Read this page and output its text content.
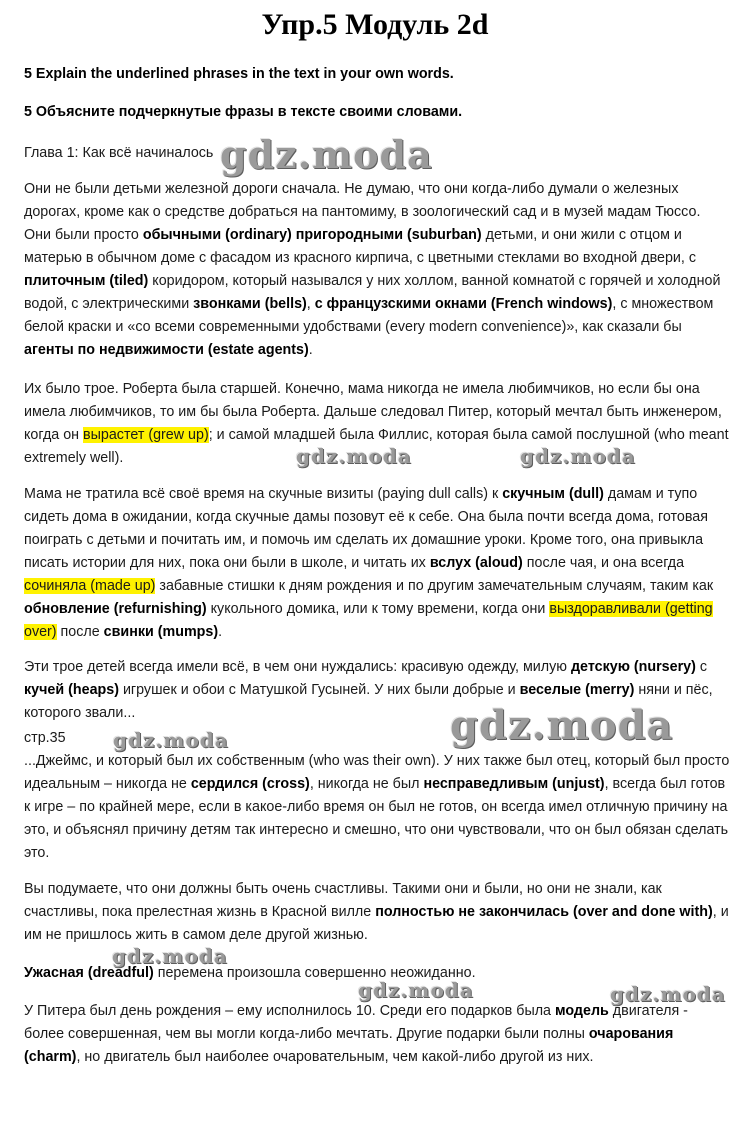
Упр.5 Модуль 2d
5 Explain the underlined phrases in the text in your own words.
5 Объясните подчеркнутые фразы в тексте своими словами.
Глава 1: Как всё начиналось

Они не были детьми железной дороги сначала. Не думаю, что они когда-либо думали о железных дорогах, кроме как о средстве добраться на пантомиму, в зоологический сад и в музей мадам Тюссо. Они были просто обычными (ordinary) пригородными (suburban) детьми, и они жили с отцом и матерью в обычном доме с фасадом из красного кирпича, с цветными стеклами во входной двери, с плиточным (tiled) коридором, который назывался у них холлом, ванной комнатой с горячей и холодной водой, с электрическими звонками (bells), с французскими окнами (French windows), с множеством белой краски и «со всеми современными удобствами (every modern convenience)», как сказали бы агенты по недвижимости (estate agents).

Их было трое. Роберта была старшей. Конечно, мама никогда не имела любимчиков, но если бы она имела любимчиков, то им бы была Роберта. Дальше следовал Питер, который мечтал быть инженером, когда он вырастет (grew up); и самой младшей была Филлис, которая была самой послушной (who meant extremely well).

Мама не тратила всё своё время на скучные визиты (paying dull calls) к скучным (dull) дамам и тупо сидеть дома в ожидании, когда скучные дамы позовут её к себе. Она была почти всегда дома, готовая поиграть с детьми и почитать им, и помочь им сделать их домашние уроки. Кроме того, она привыкла писать истории для них, пока они были в школе, и читать их вслух (aloud) после чая, и она всегда сочиняла (made up) забавные стишки к дням рождения и по другим замечательным случаям, таким как обновление (refurnishing) кукольного домика, или к тому времени, когда они выздоравливали (getting over) после свинки (mumps).

Эти трое детей всегда имели всё, в чем они нуждались: красивую одежду, милую детскую (nursery) с кучей (heaps) игрушек и обои с Матушкой Гусыней. У них были добрые и веселые (merry) няни и пёс, которого звали...

стр.35

...Джеймс, и который был их собственным (who was their own). У них также был отец, который был просто идеальным – никогда не сердился (cross), никогда не был несправедливым (unjust), всегда был готов к игре – по крайней мере, если в какое-либо время он был не готов, он всегда имел отличную причину на это, и объяснял причину детям так интересно и смешно, что они чувствовали, что он был обязан сделать это.

Вы подумаете, что они должны быть очень счастливы. Такими они и были, но они не знали, как счастливы, пока прелестная жизнь в Красной вилле полностью не закончилась (over and done with), и им не пришлось жить в самом деле другой жизнью.

Ужасная (dreadful) перемена произошла совершенно неожиданно.

У Питера был день рождения – ему исполнилось 10. Среди его подарков была модель двигателя - более совершенная, чем вы могли когда-либо мечтать. Другие подарки были полны очарования (charm), но двигатель был наиболее очаровательным, чем какой-либо другой из них.

gdz.moda
gdz.moda	gdz.moda
gdz.moda
gdz.moda
gdz.moda
gdz.moda	gdz.moda
